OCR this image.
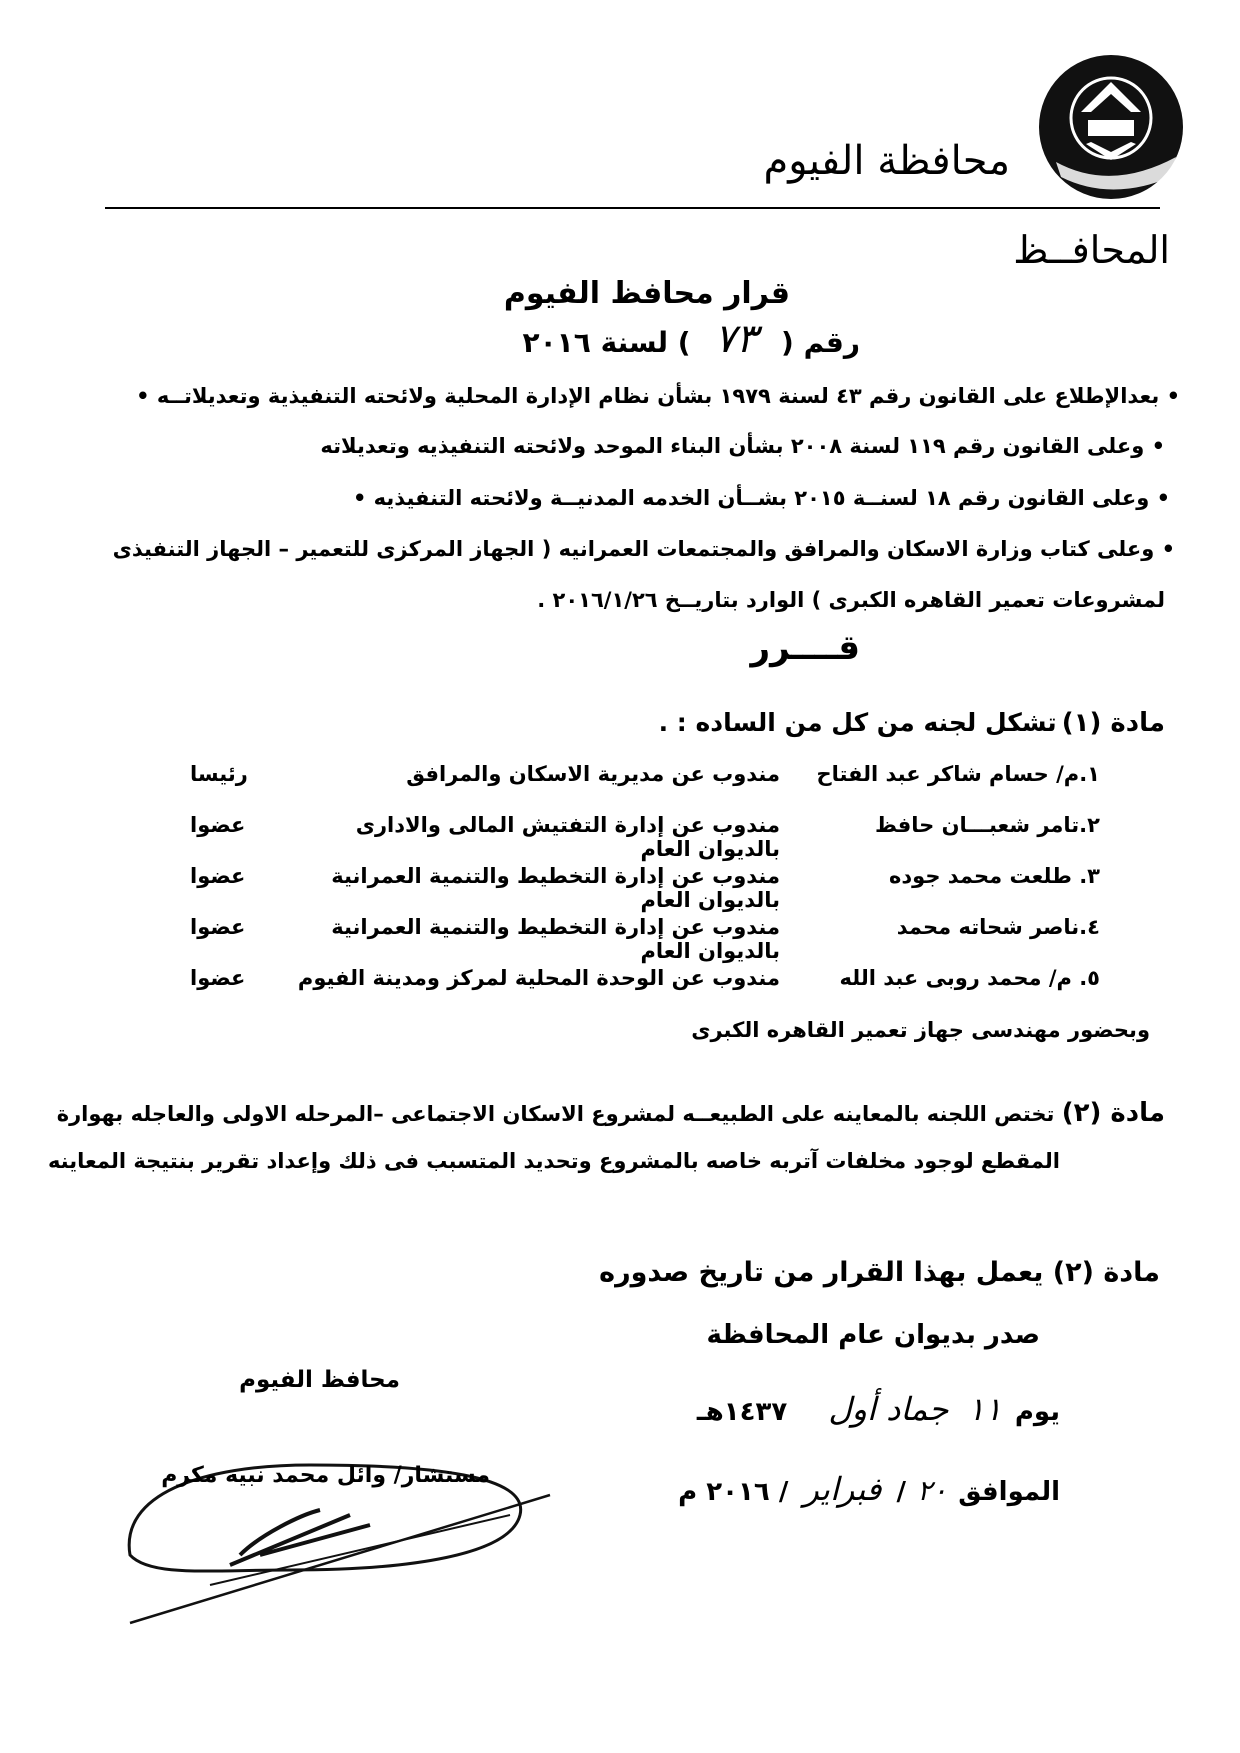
محافظة الفيوم
المحافــظ
قرار محافظ الفيوم
رقم ( ٧٣ ) لسنة ٢٠١٦
• بعدالإطلاع على القانون رقم ٤٣ لسنة ١٩٧٩ بشأن نظام الإدارة المحلية ولائحته التنفيذية وتعديلاتــه •
• وعلى القانون رقم ١١٩ لسنة ٢٠٠٨ بشأن البناء الموحد ولائحته التنفيذيه وتعديلاته
• وعلى القانون رقم ١٨ لسنــة ٢٠١٥ بشــأن الخدمه المدنيــة ولائحته التنفيذيه •
• وعلى كتاب وزارة الاسكان والمرافق والمجتمعات العمرانيه ( الجهاز المركزى للتعمير – الجهاز التنفيذى
لمشروعات تعمير القاهره الكبرى ) الوارد بتاريــخ ٢٠١٦/١/٢٦ .
قــــرر
مادة (١) تشكل لجنه من كل من الساده : .
١.م/ حسام شاكر عبد الفتاح
مندوب عن مديرية الاسكان والمرافق
رئيسا
٢.تامر شعبـــان حافظ
مندوب عن إدارة التفتيش المالى والادارى بالديوان العام
عضوا
٣. طلعت محمد جوده
مندوب عن إدارة التخطيط والتنمية العمرانية بالديوان العام
عضوا
٤.ناصر شحاته محمد
مندوب عن إدارة التخطيط والتنمية العمرانية بالديوان العام
عضوا
٥. م/ محمد روبى عبد الله
مندوب عن الوحدة المحلية لمركز ومدينة الفيوم
عضوا
وبحضور مهندسى جهاز تعمير القاهره الكبرى
مادة (٢) تختص اللجنه بالمعاينه على الطبيعــه لمشروع الاسكان الاجتماعى –المرحله الاولى والعاجله بهوارة
المقطع لوجود مخلفات آتربه خاصه بالمشروع وتحديد المتسبب فى ذلك وإعداد تقرير بنتيجة المعاينه
مادة (٢) يعمل بهذا القرار من تاريخ صدوره
صدر بديوان عام المحافظة
يوم ١١ جماد أول ١٤٣٧هـ
الموافق ٢٠ / فبراير / ٢٠١٦ م
محافظ الفيوم
مستشار/ وائل محمد نبيه مكرم
